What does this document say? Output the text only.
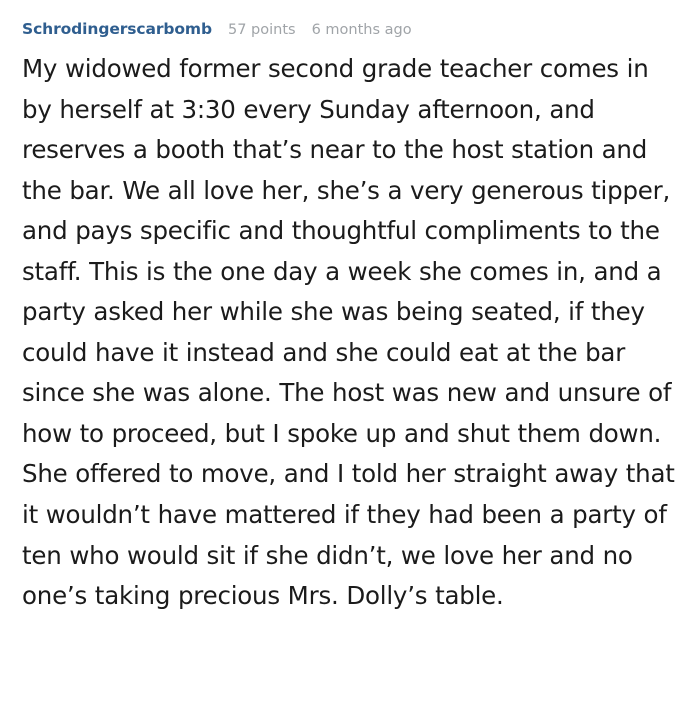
Schrodingerscarbomb 57 points 6 months ago
My widowed former second grade teacher comes in by herself at 3:30 every Sunday afternoon, and reserves a booth that’s near to the host station and the bar. We all love her, she’s a very generous tipper, and pays specific and thoughtful compliments to the staff. This is the one day a week she comes in, and a party asked her while she was being seated, if they could have it instead and she could eat at the bar since she was alone. The host was new and unsure of how to proceed, but I spoke up and shut them down. She offered to move, and I told her straight away that it wouldn’t have mattered if they had been a party of ten who would sit if she didn’t, we love her and no one’s taking precious Mrs. Dolly’s table.
